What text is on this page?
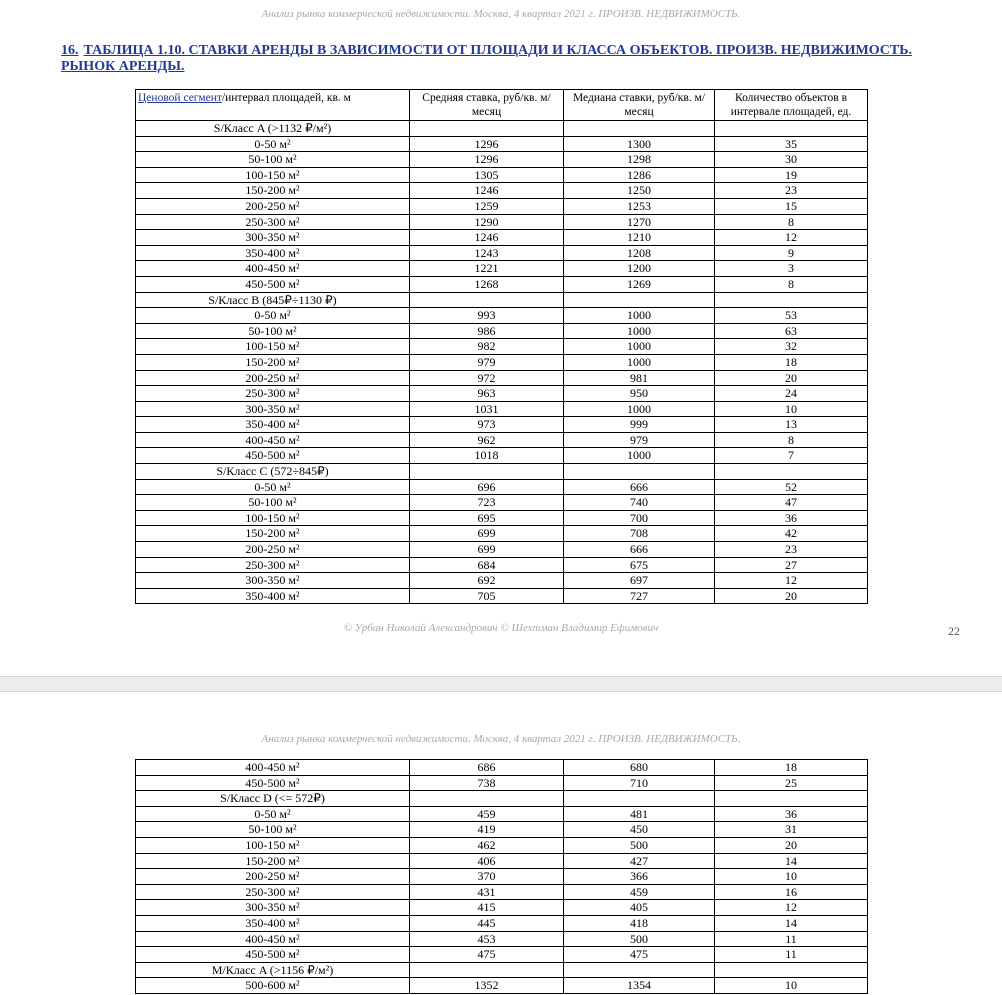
Анализ рынка коммерческой недвижимости. Москва, 4 квартал 2021 г. ПРОИЗВ. НЕДВИЖИМОСТЬ.
16. ТАБЛИЦА 1.10. СТАВКИ АРЕНДЫ В ЗАВИСИМОСТИ ОТ ПЛОЩАДИ И КЛАССА ОБЪЕКТОВ. ПРОИЗВ. НЕДВИЖИМОСТЬ. РЫНОК АРЕНДЫ.
Ценовой сегмент/интервал площадей, кв. м	Средняя ставка, руб/кв. м/месяц	Медиана ставки, руб/кв. м/месяц	Количество объектов в интервале площадей, ед.
S/Класс A (>1132 ₽/м²)			
0-50 м²	1296	1300	35
50-100 м²	1296	1298	30
100-150 м²	1305	1286	19
150-200 м²	1246	1250	23
200-250 м²	1259	1253	15
250-300 м²	1290	1270	8
300-350 м²	1246	1210	12
350-400 м²	1243	1208	9
400-450 м²	1221	1200	3
450-500 м²	1268	1269	8
S/Класс B (845₽÷1130 ₽)			
0-50 м²	993	1000	53
50-100 м²	986	1000	63
100-150 м²	982	1000	32
150-200 м²	979	1000	18
200-250 м²	972	981	20
250-300 м²	963	950	24
300-350 м²	1031	1000	10
350-400 м²	973	999	13
400-450 м²	962	979	8
450-500 м²	1018	1000	7
S/Класс C (572÷845₽)			
0-50 м²	696	666	52
50-100 м²	723	740	47
100-150 м²	695	700	36
150-200 м²	699	708	42
200-250 м²	699	666	23
250-300 м²	684	675	27
300-350 м²	692	697	12
350-400 м²	705	727	20
© Урбан Николай Александрович © Шехтман Владимир Ефимович	22
Анализ рынка коммерческой недвижимости. Москва, 4 квартал 2021 г. ПРОИЗВ. НЕДВИЖИМОСТЬ.
400-450 м²	686	680	18
450-500 м²	738	710	25
S/Класс D (<= 572₽)			
0-50 м²	459	481	36
50-100 м²	419	450	31
100-150 м²	462	500	20
150-200 м²	406	427	14
200-250 м²	370	366	10
250-300 м²	431	459	16
300-350 м²	415	405	12
350-400 м²	445	418	14
400-450 м²	453	500	11
450-500 м²	475	475	11
M/Класс A (>1156 ₽/м²)			
500-600 м²	1352	1354	10
